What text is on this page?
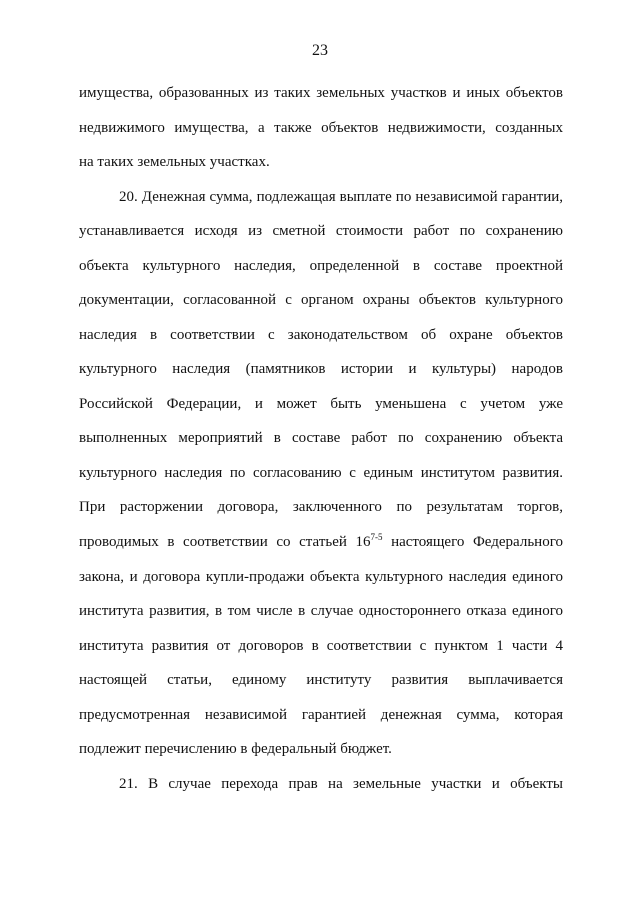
23
имущества, образованных из таких земельных участков и иных объектов
недвижимого имущества, а также объектов недвижимости, созданных
на таких земельных участках.
20. Денежная сумма, подлежащая выплате по независимой гарантии,
устанавливается исходя из сметной стоимости работ по сохранению
объекта культурного наследия, определенной в составе проектной
документации, согласованной с органом охраны объектов культурного
наследия в соответствии с законодательством об охране объектов
культурного наследия (памятников истории и культуры) народов
Российской Федерации, и может быть уменьшена с учетом уже
выполненных мероприятий в составе работ по сохранению объекта
культурного наследия по согласованию с единым институтом развития.
При расторжении договора, заключенного по результатам торгов,
проводимых в соответствии со статьей 16$^{7-5}$ настоящего Федерального
закона, и договора купли-продажи объекта культурного наследия единого
института развития, в том числе в случае одностороннего отказа единого
института развития от договоров в соответствии с пунктом 1 части 4
настоящей статьи, единому институту развития выплачивается
предусмотренная независимой гарантией денежная сумма, которая
подлежит перечислению в федеральный бюджет.
21. В случае перехода прав на земельные участки и объекты
